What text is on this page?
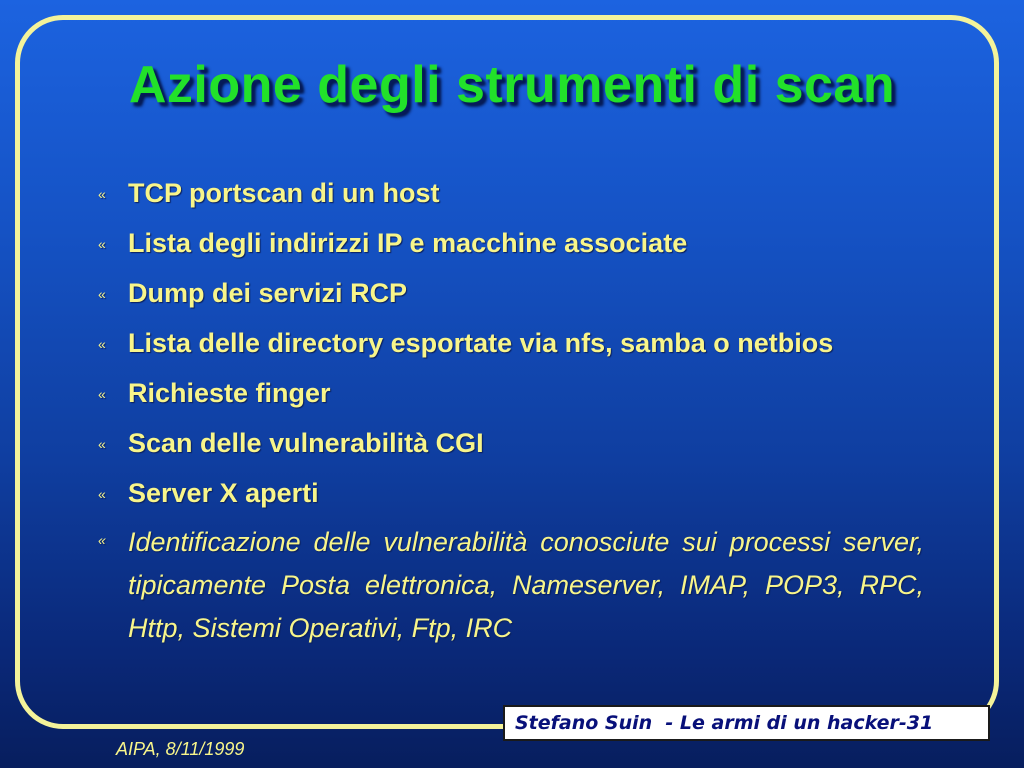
Azione degli strumenti di scan
« TCP portscan di un host
« Lista degli indirizzi IP e macchine associate
« Dump dei servizi RCP
« Lista delle directory esportate via nfs, samba o netbios
« Richieste finger
« Scan delle vulnerabilità CGI
« Server X aperti
« Identificazione delle vulnerabilità conosciute sui processi server, tipicamente Posta elettronica, Nameserver, IMAP, POP3, RPC, Http, Sistemi Operativi, Ftp, IRC
Stefano Suin  - Le armi di un hacker-31
AIPA, 8/11/1999
